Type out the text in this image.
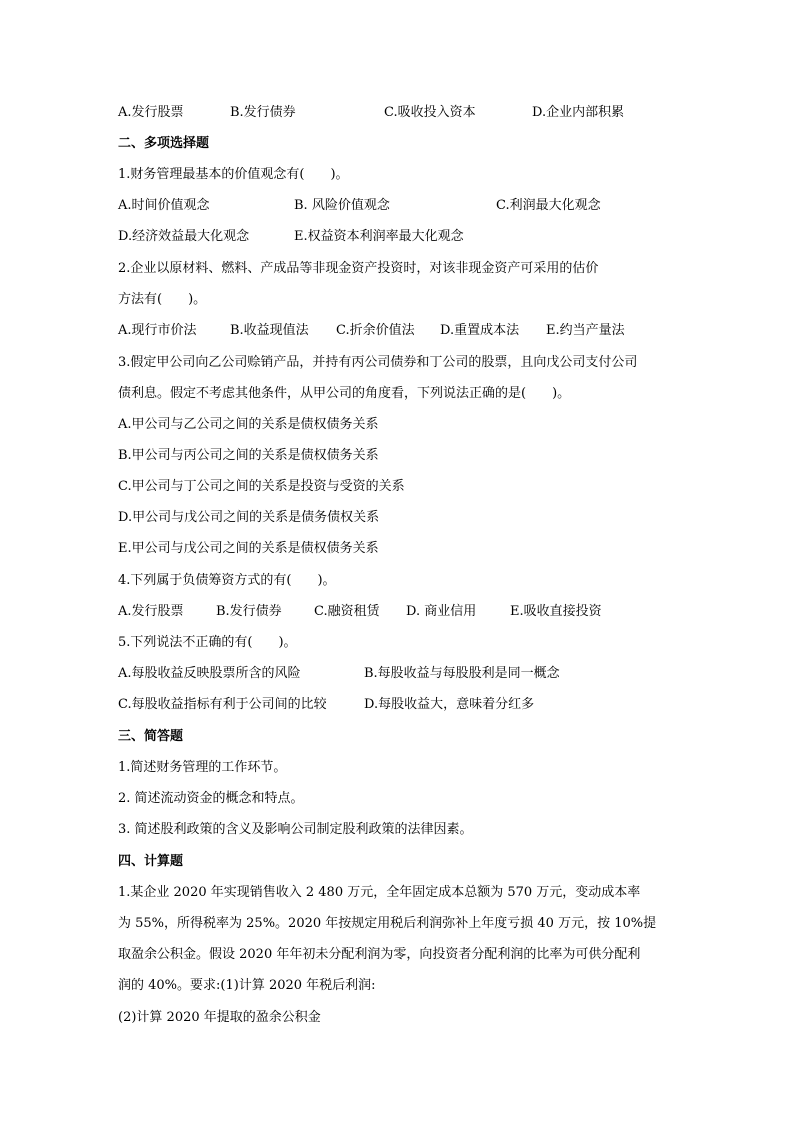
A.发行股票	B.发行债券	C.吸收投入资本	D.企业内部积累
二、多项选择题
1.财务管理最基本的价值观念有(　　)。
A.时间价值观念	B. 风险价值观念	C.利润最大化观念
D.经济效益最大化观念	E.权益资本利润率最大化观念
2.企业以原材料、燃料、产成品等非现金资产投资时，对该非现金资产可采用的估价
方法有(　　)。
A.现行市价法	B.收益现值法 C.折余价值法 D.重置成本法 E.约当产量法
3.假定甲公司向乙公司赊销产品，并持有丙公司债券和丁公司的股票，且向戊公司支付公司
债利息。假定不考虑其他条件，从甲公司的角度看，下列说法正确的是(　　)。
A.甲公司与乙公司之间的关系是债权债务关系
B.甲公司与丙公司之间的关系是债权债务关系
C.甲公司与丁公司之间的关系是投资与受资的关系
D.甲公司与戊公司之间的关系是债务债权关系
E.甲公司与戊公司之间的关系是债权债务关系
4.下列属于负债筹资方式的有(　　)。
A.发行股票 B.发行债券 C.融资租赁 D. 商业信用	E.吸收直接投资
5.下列说法不正确的有(　　)。
A.每股收益反映股票所含的风险	B.每股收益与每股股利是同一概念
C.每股收益指标有利于公司间的比较	D.每股收益大，意味着分红多
三、简答题
1.简述财务管理的工作环节。
2. 简述流动资金的概念和特点。
3. 简述股利政策的含义及影响公司制定股利政策的法律因素。
四、计算题
1.某企业 2020 年实现销售收入 2 480 万元，全年固定成本总额为 570 万元，变动成本率
为 55%，所得税率为 25%。2020 年按规定用税后利润弥补上年度亏损 40 万元，按 10%提
取盈余公积金。假设 2020 年年初未分配利润为零，向投资者分配利润的比率为可供分配利
润的 40%。要求:(1)计算 2020 年税后利润:
(2)计算 2020 年提取的盈余公积金
